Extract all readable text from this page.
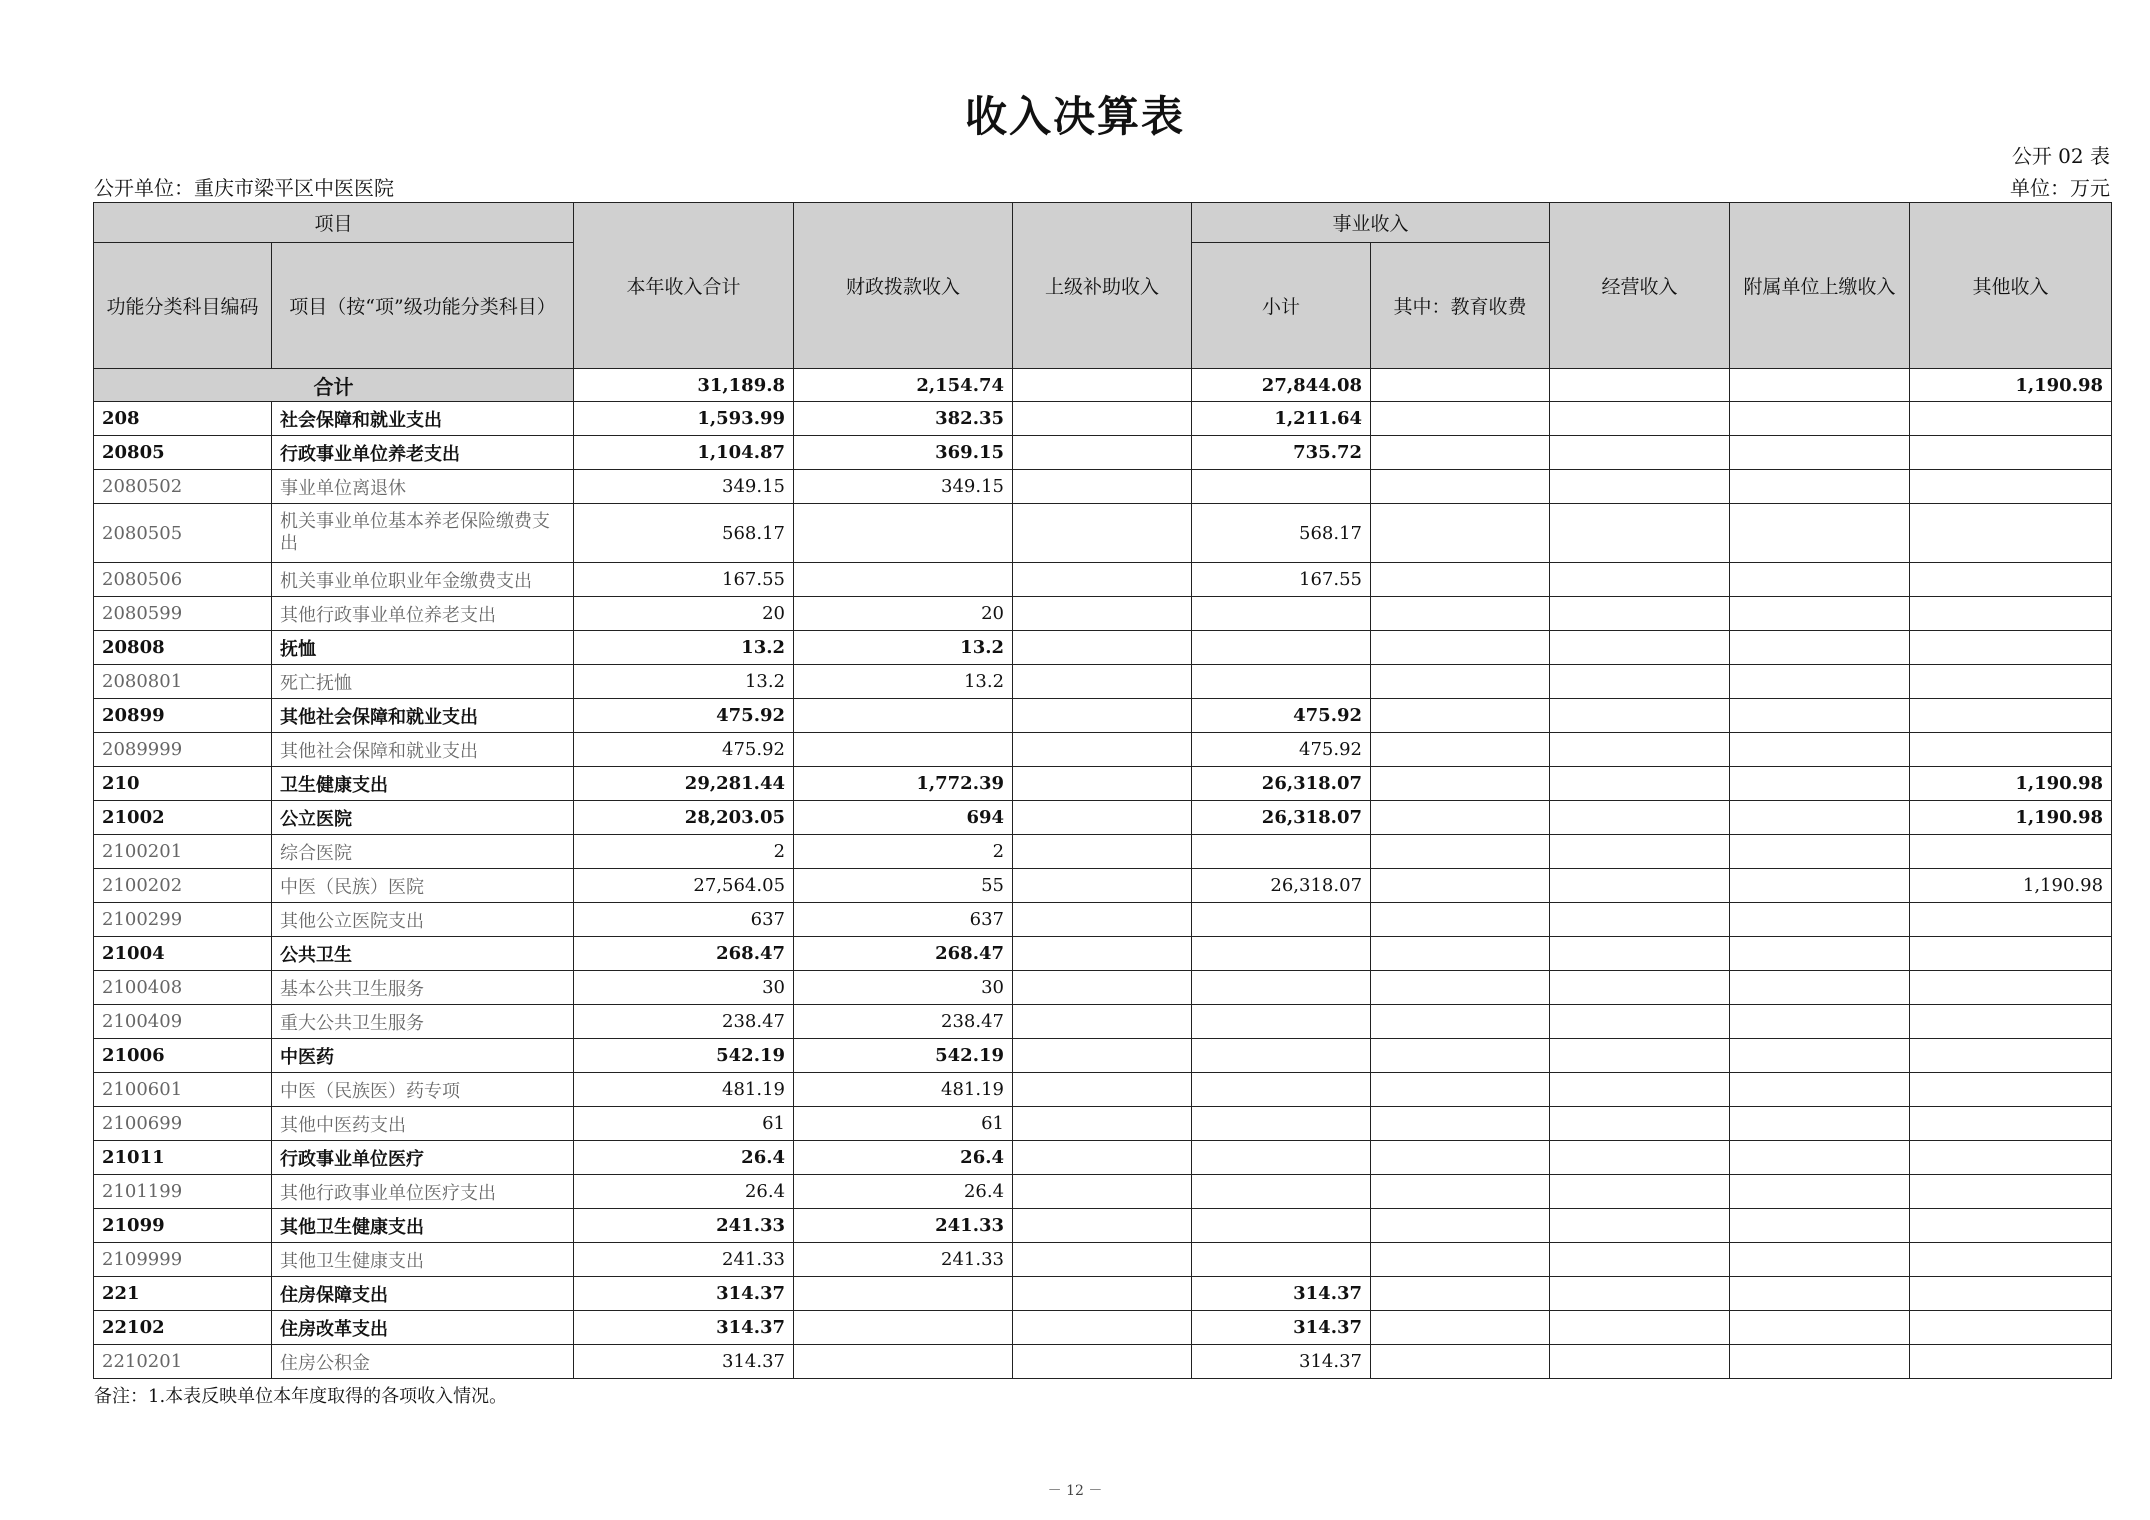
收入决算表
公开 02 表
公开单位：重庆市梁平区中医医院	单位：万元
项目		本年收入合计	财政拨款收入	上级补助收入	事业收入		经营收入	附属单位上缴收入	其他收入
功能分类科目编码	项目（按“项”级功能分类科目）				小计	其中：教育收费			
合计		31,189.8	2,154.74		27,844.08				1,190.98
208	社会保障和就业支出	1,593.99	382.35		1,211.64				
20805	行政事业单位养老支出	1,104.87	369.15		735.72				
2080502	事业单位离退休	349.15	349.15						
2080505	机关事业单位基本养老保险缴费支出	568.17			568.17				
2080506	机关事业单位职业年金缴费支出	167.55			167.55				
2080599	其他行政事业单位养老支出	20	20						
20808	抚恤	13.2	13.2						
2080801	死亡抚恤	13.2	13.2						
20899	其他社会保障和就业支出	475.92			475.92				
2089999	其他社会保障和就业支出	475.92			475.92				
210	卫生健康支出	29,281.44	1,772.39		26,318.07				1,190.98
21002	公立医院	28,203.05	694		26,318.07				1,190.98
2100201	综合医院	2	2						
2100202	中医（民族）医院	27,564.05	55		26,318.07				1,190.98
2100299	其他公立医院支出	637	637						
21004	公共卫生	268.47	268.47						
2100408	基本公共卫生服务	30	30						
2100409	重大公共卫生服务	238.47	238.47						
21006	中医药	542.19	542.19						
2100601	中医（民族医）药专项	481.19	481.19						
2100699	其他中医药支出	61	61						
21011	行政事业单位医疗	26.4	26.4						
2101199	其他行政事业单位医疗支出	26.4	26.4						
21099	其他卫生健康支出	241.33	241.33						
2109999	其他卫生健康支出	241.33	241.33						
221	住房保障支出	314.37			314.37				
22102	住房改革支出	314.37			314.37				
2210201	住房公积金	314.37			314.37				
备注：1.本表反映单位本年度取得的各项收入情况。
－ 12 －
